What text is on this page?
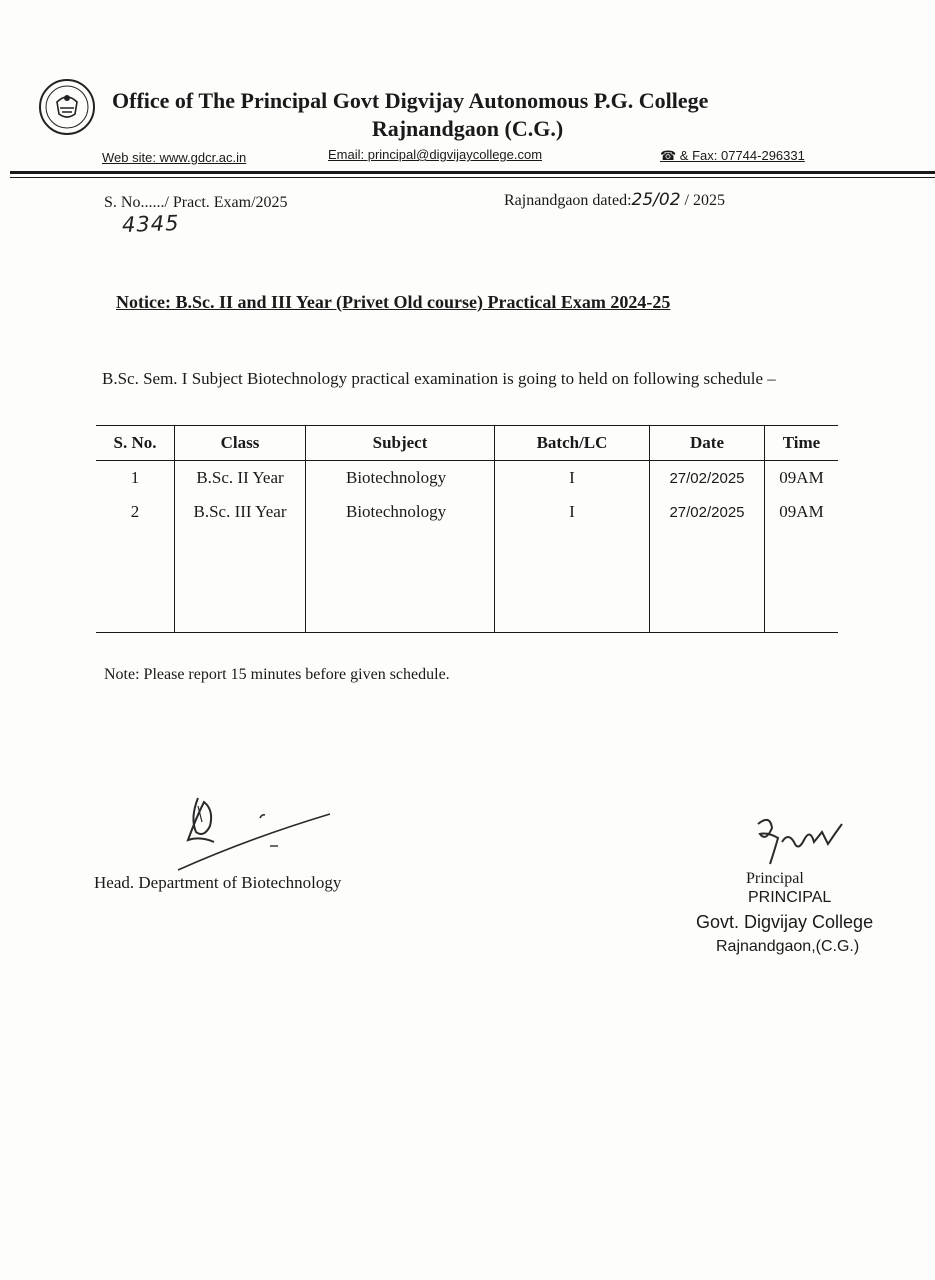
Office of The Principal Govt Digvijay Autonomous P.G. College
Rajnandgaon (C.G.)
Web site: www.gdcr.ac.in	Email: principal@digvijaycollege.com	☎ & Fax: 07744-296331
S. No....../ Pract. Exam/2025
4345
Rajnandgaon dated:25/02 / 2025
Notice: B.Sc. II and III Year (Privet Old course) Practical Exam 2024-25
B.Sc. Sem. I Subject Biotechnology practical examination is going to held on following schedule –
S. No.	Class	Subject	Batch/LC	Date	Time
1	B.Sc. II Year	Biotechnology	I	27/02/2025	09AM
2	B.Sc. III Year	Biotechnology	I	27/02/2025	09AM

Note: Please report 15 minutes before given schedule.
Head. Department of Biotechnology	Principal
PRINCIPAL
Govt. Digvijay College
Rajnandgaon,(C.G.)
